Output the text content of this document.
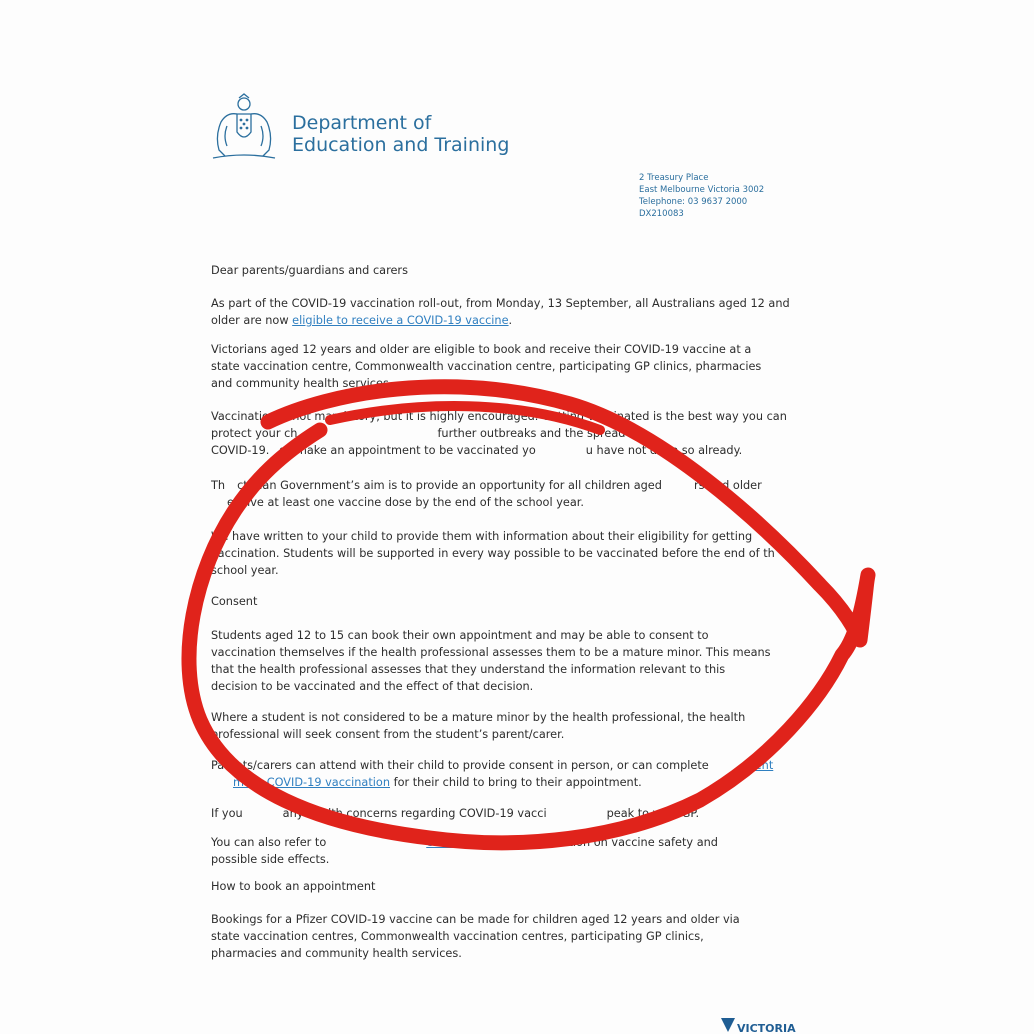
Department of
Education and Training
2 Treasury Place
East Melbourne Victoria 3002
Telephone: 03 9637 2000
DX210083

Dear parents/guardians and carers

As part of the COVID-19 vaccination roll-out, from Monday, 13 September, all Australians aged 12 and older are now eligible to receive a COVID-19 vaccine.

Victorians aged 12 years and older are eligible to book and receive their COVID-19 vaccine at a state vaccination centre, Commonwealth vaccination centre, participating GP clinics, pharmacies and community health services.

Vaccination is not mandatory, but it is highly encouraged. Getting vaccinated is the best way you can
protect your ch	further outbreaks and the spread of
COVID-19. se make an appointment to be vaccinated yo	u have not done so already.
Th ctorian Government’s aim is to provide an opportunity for all children aged	rs and older
eceive at least one vaccine dose by the end of the school year.
We have written to your child to provide them with information about their eligibility for getting
vaccination. Students will be supported in every way possible to be vaccinated before the end of th
school year.
Consent

Students aged 12 to 15 can book their own appointment and may be able to consent to vaccination themselves if the health professional assesses them to be a mature minor. This means that the health professional assesses that they understand the information relevant to this decision to be vaccinated and the effect of that decision.

Where a student is not considered to be a mature minor by the health professional, the health professional will seek consent from the student’s parent/carer.

Parents/carers can attend with their child to provide consent in person, or can complete	ent
m for COVID-19 vaccination for their child to bring to their appointment.
If you	any health concerns regarding COVID-19 vacci	peak to your GP.
You can also refer to	ealth website for information on vaccine safety and
possible side effects.
How to book an appointment

Bookings for a Pfizer COVID-19 vaccine can be made for children aged 12 years and older via state vaccination centres, Commonwealth vaccination centres, participating GP clinics, pharmacies and community health services.

VICTORIA
